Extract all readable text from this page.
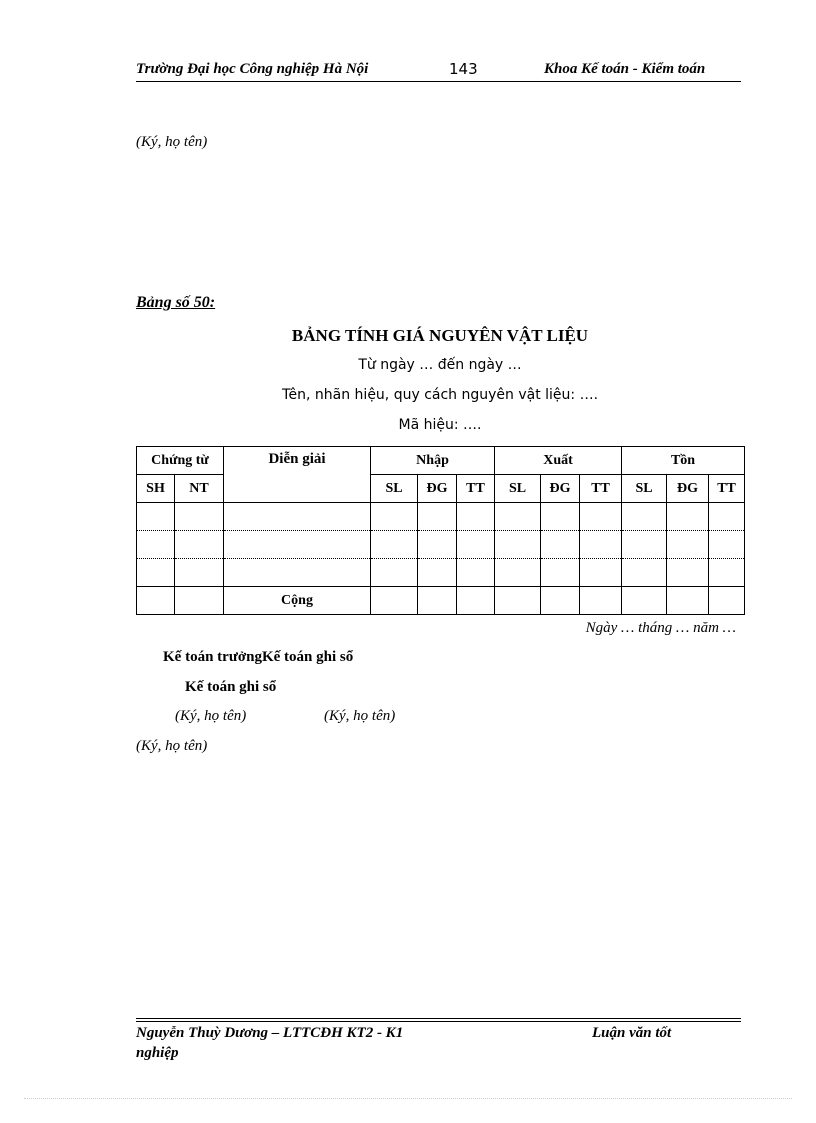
Trường Đại học Công nghiệp Hà Nội	143	Khoa Kế toán - Kiểm toán
(Ký, họ tên)
Bảng số 50:
BẢNG TÍNH GIÁ NGUYÊN VẬT LIỆU
Từ ngày … đến ngày …
Tên, nhãn hiệu, quy cách nguyên vật liệu: ….
Mã hiệu: ….
Chứng từ		Diễn giải	Nhập			Xuất			Tồn		
SH	NT		SL	ĐG	TT	SL	ĐG	TT	SL	ĐG	TT

		Cộng									
Ngày … tháng … năm …
Kế toán trưởngKế toán ghi sổ
Kế toán ghi sổ
(Ký, họ tên)	(Ký, họ tên)
(Ký, họ tên)
Nguyễn Thuỳ Dương – LTTCĐH KT2 - K1	Luận văn tốt
nghiệp
